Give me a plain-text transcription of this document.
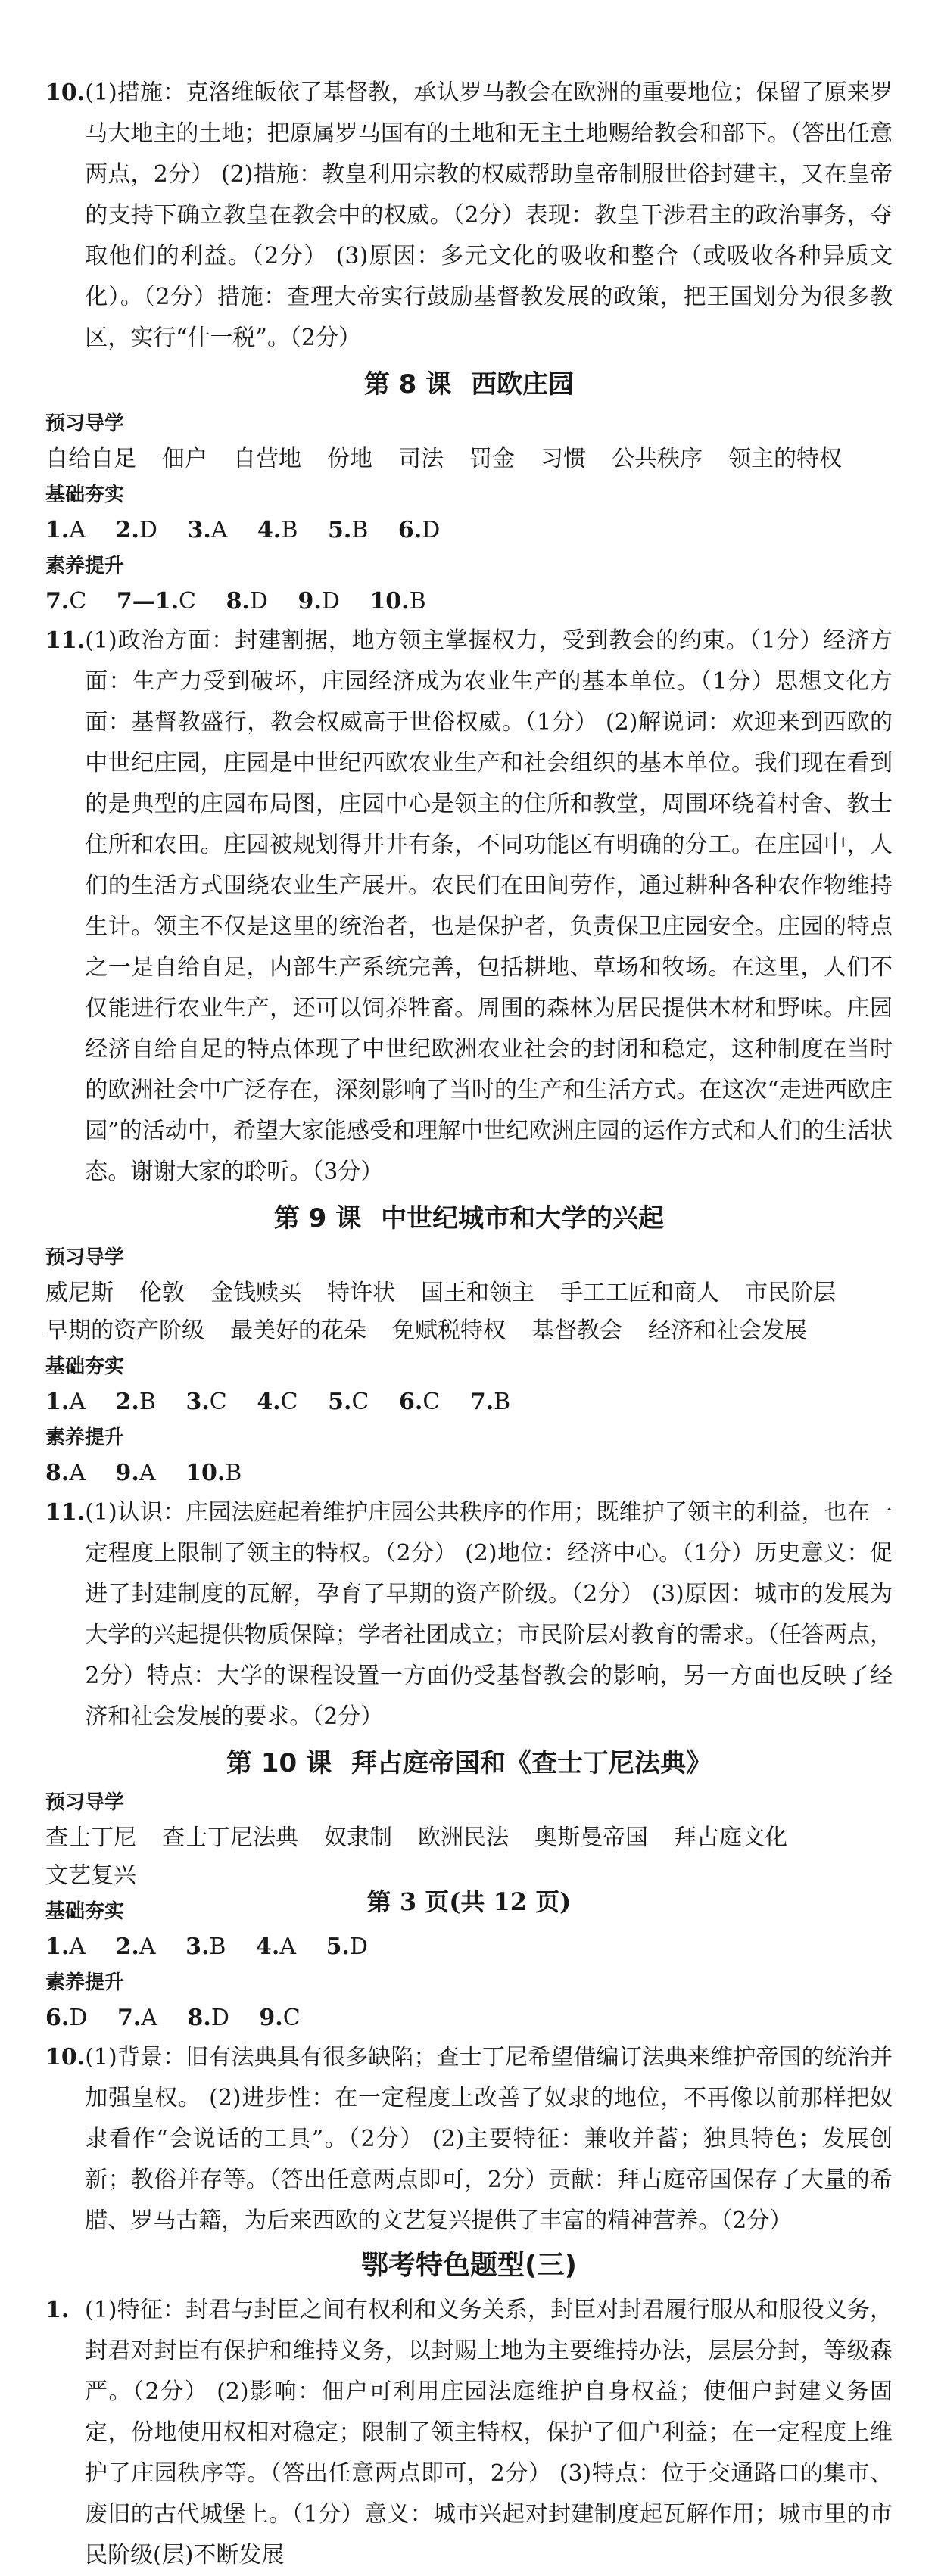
10. (1)措施：克洛维皈依了基督教，承认罗马教会在欧洲的重要地位；保留了原来罗马大地主的土地；把原属罗马国有的土地和无主土地赐给教会和部下。（答出任意两点，2分） (2)措施：教皇利用宗教的权威帮助皇帝制服世俗封建主，又在皇帝的支持下确立教皇在教会中的权威。（2分）表现：教皇干涉君主的政治事务，夺取他们的利益。（2分） (3)原因：多元文化的吸收和整合（或吸收各种异质文化）。（2分）措施：查理大帝实行鼓励基督教发展的政策，把王国划分为很多教区，实行“什一税”。（2分）
第 8 课 西欧庄园
预习导学
自给自足 佃户 自营地 份地 司法 罚金 习惯 公共秩序 领主的特权
基础夯实
1.A 2.D 3.A 4.B 5.B 6.D
素养提升
7.C 7—1.C 8.D 9.D 10.B
11. (1)政治方面：封建割据，地方领主掌握权力，受到教会的约束。（1分）经济方面：生产力受到破坏，庄园经济成为农业生产的基本单位。（1分）思想文化方面：基督教盛行，教会权威高于世俗权威。（1分） (2)解说词：欢迎来到西欧的中世纪庄园，庄园是中世纪西欧农业生产和社会组织的基本单位。我们现在看到的是典型的庄园布局图，庄园中心是领主的住所和教堂，周围环绕着村舍、教士住所和农田。庄园被规划得井井有条，不同功能区有明确的分工。在庄园中，人们的生活方式围绕农业生产展开。农民们在田间劳作，通过耕种各种农作物维持生计。领主不仅是这里的统治者，也是保护者，负责保卫庄园安全。庄园的特点之一是自给自足，内部生产系统完善，包括耕地、草场和牧场。在这里，人们不仅能进行农业生产，还可以饲养牲畜。周围的森林为居民提供木材和野味。庄园经济自给自足的特点体现了中世纪欧洲农业社会的封闭和稳定，这种制度在当时的欧洲社会中广泛存在，深刻影响了当时的生产和生活方式。在这次“走进西欧庄园”的活动中，希望大家能感受和理解中世纪欧洲庄园的运作方式和人们的生活状态。谢谢大家的聆听。（3分）
第 9 课 中世纪城市和大学的兴起
预习导学
威尼斯 伦敦 金钱赎买 特许状 国王和领主 手工工匠和商人 市民阶层
早期的资产阶级 最美好的花朵 免赋税特权 基督教会 经济和社会发展
基础夯实
1.A 2.B 3.C 4.C 5.C 6.C 7.B
素养提升
8.A 9.A 10.B
11. (1)认识：庄园法庭起着维护庄园公共秩序的作用；既维护了领主的利益，也在一定程度上限制了领主的特权。（2分） (2)地位：经济中心。（1分）历史意义：促进了封建制度的瓦解，孕育了早期的资产阶级。（2分） (3)原因：城市的发展为大学的兴起提供物质保障；学者社团成立；市民阶层对教育的需求。（任答两点，2分）特点：大学的课程设置一方面仍受基督教会的影响，另一方面也反映了经济和社会发展的要求。（2分）
第 10 课 拜占庭帝国和《查士丁尼法典》
预习导学
查士丁尼 查士丁尼法典 奴隶制 欧洲民法 奥斯曼帝国 拜占庭文化文艺复兴
基础夯实
1.A 2.A 3.B 4.A 5.D
素养提升
6.D 7.A 8.D 9.C
10. (1)背景：旧有法典具有很多缺陷；查士丁尼希望借编订法典来维护帝国的统治并加强皇权。 (2)进步性：在一定程度上改善了奴隶的地位，不再像以前那样把奴隶看作“会说话的工具”。（2分） (2)主要特征：兼收并蓄；独具特色；发展创新；教俗并存等。（答出任意两点即可，2分）贡献：拜占庭帝国保存了大量的希腊、罗马古籍，为后来西欧的文艺复兴提供了丰富的精神营养。（2分）
鄂考特色题型(三)
1. (1)特征：封君与封臣之间有权利和义务关系，封臣对封君履行服从和服役义务，封君对封臣有保护和维持义务，以封赐土地为主要维持办法，层层分封，等级森严。（2分） (2)影响：佃户可利用庄园法庭维护自身权益；使佃户封建义务固定，份地使用权相对稳定；限制了领主特权，保护了佃户利益；在一定程度上维护了庄园秩序等。（答出任意两点即可，2分） (3)特点：位于交通路口的集市、废旧的古代城堡上。（1分）意义：城市兴起对封建制度起瓦解作用；城市里的市民阶级(层)不断发展
第 3 页(共 12 页)
